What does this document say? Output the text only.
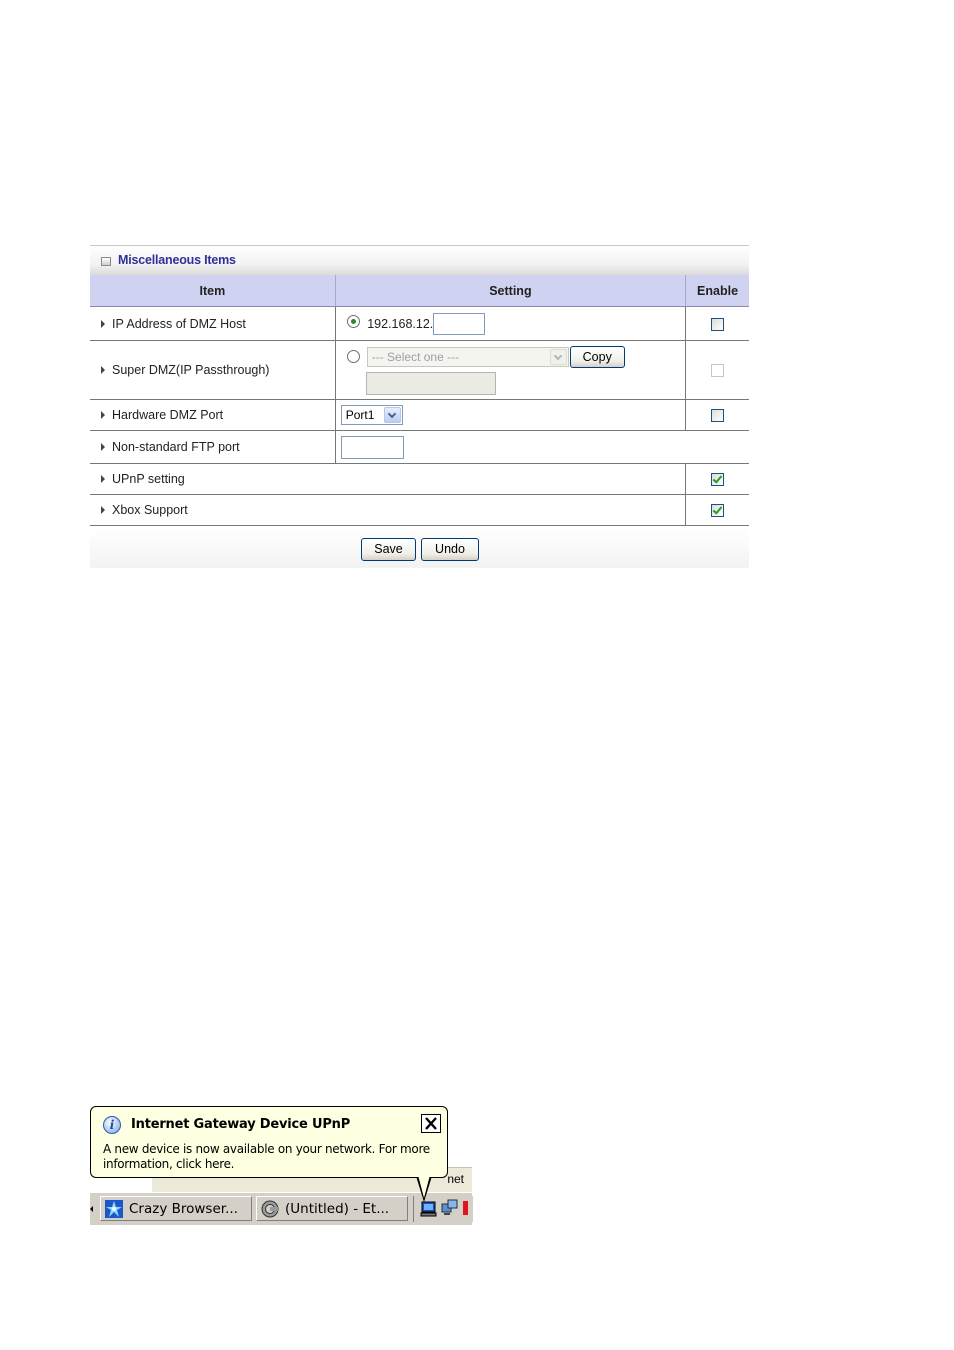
Miscellaneous Items
Item	Setting	Enable

IP Address of DMZ Host	192.168.12.	

Super DMZ(IP Passthrough)	--- Select one --- Copy	

Hardware DMZ Port	Port1

Non-standard FTP port		

UPnP setting		

Xbox Support		
Save	Undo
net
Crazy Browser...	(Untitled) - Et...
i	Internet Gateway Device UPnP
A new device is now available on your network. For more information, click here.
